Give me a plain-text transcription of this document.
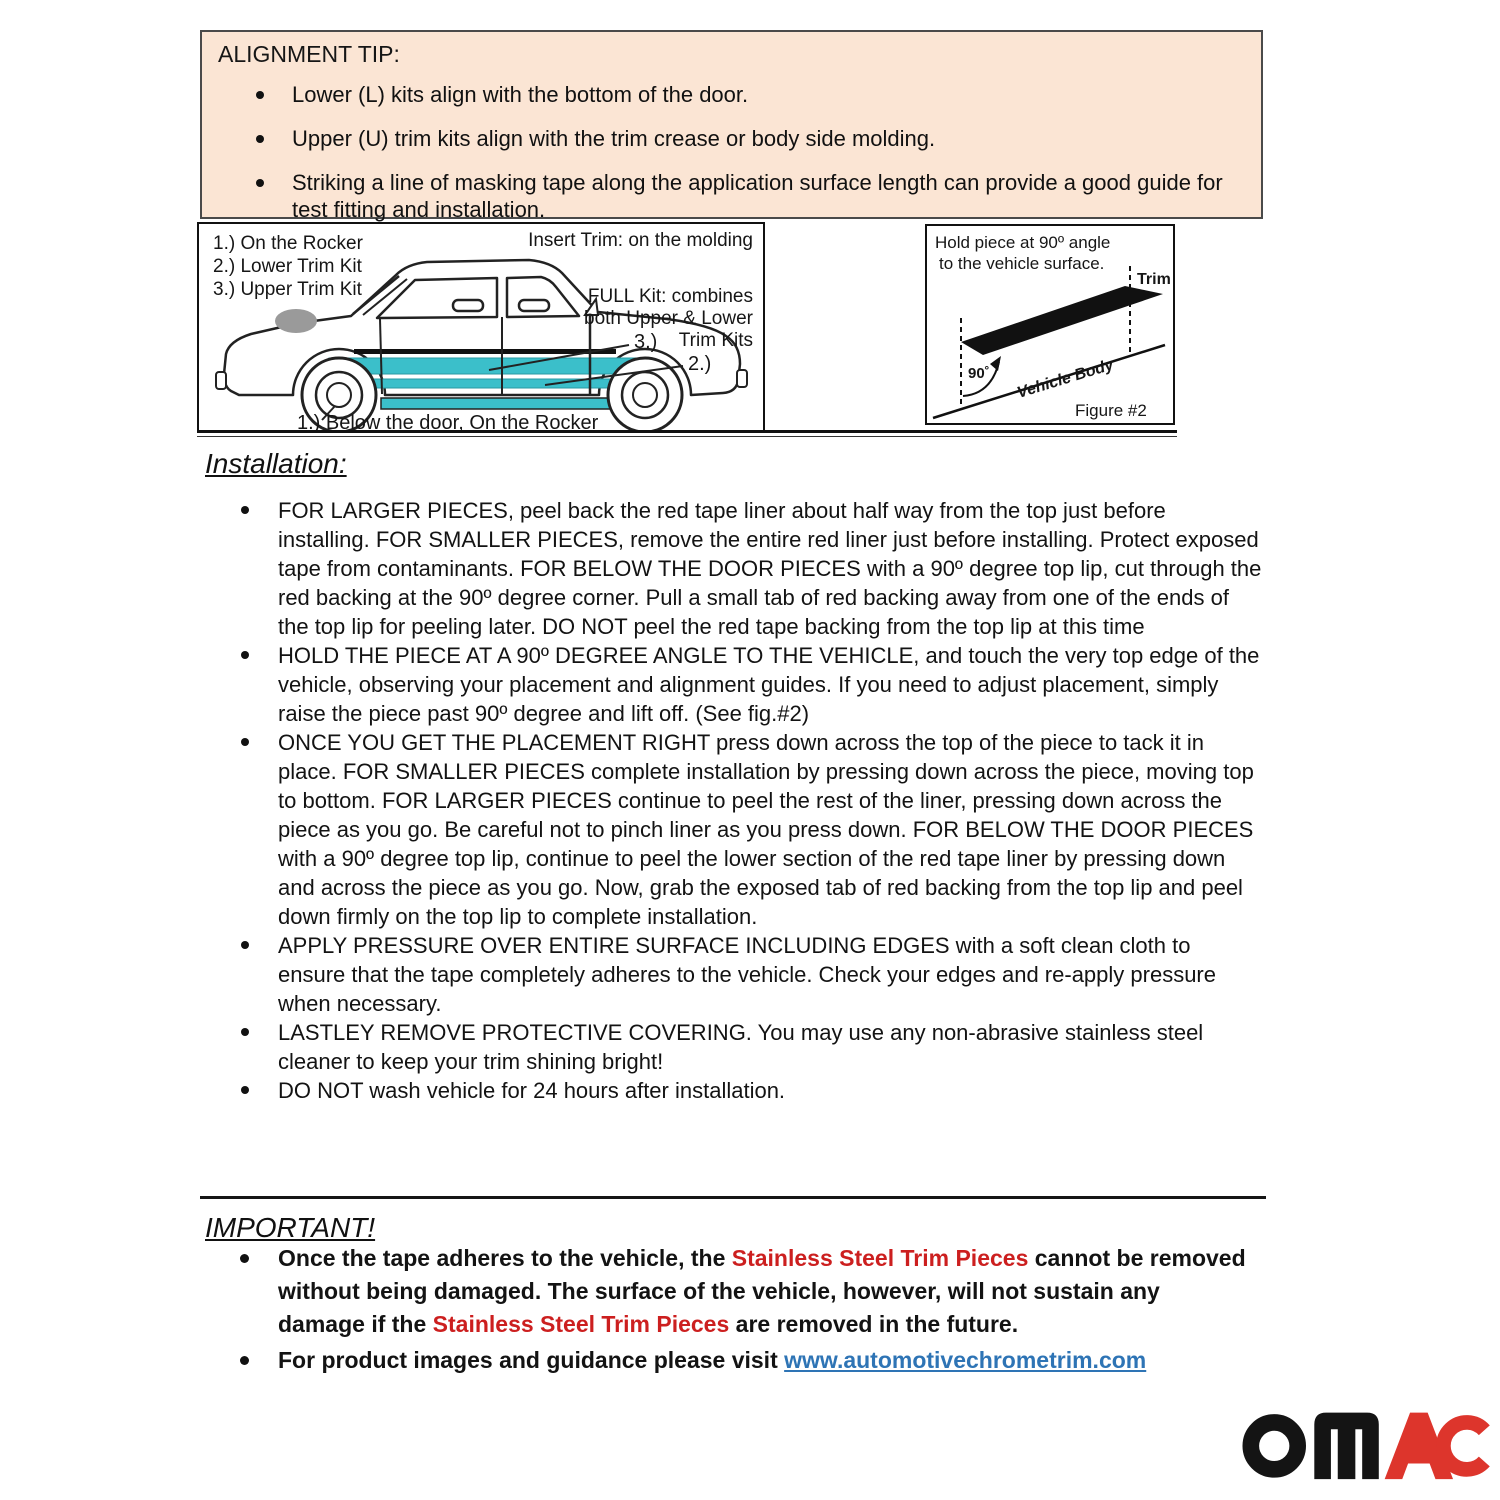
ALIGNMENT TIP:
Lower (L) kits align with the bottom of the door.
Upper (U) trim kits align with the trim crease or body side molding.
Striking a line of masking tape along the application surface length can provide a good guide for test fitting and installation.
1.) On the Rocker
2.) Lower Trim Kit
3.) Upper Trim Kit
Insert Trim: on the molding
FULL Kit: combines
both Upper & Lower
Trim Kits
3.)
2.)
1.) Below the door, On the Rocker
Hold piece at 90º angle
to the vehicle surface.
90˚ Vehicle Body
Trim
Figure #2
Installation:
FOR LARGER PIECES, peel back the red tape liner about half way from the top just before installing. FOR SMALLER PIECES, remove the entire red liner just before installing. Protect exposed tape from contaminants. FOR BELOW THE DOOR PIECES with a 90º degree top lip, cut through the red backing at the 90º degree corner. Pull a small tab of red backing away from one of the ends of the top lip for peeling later. DO NOT peel the red tape backing from the top lip at this time
HOLD THE PIECE AT A 90º DEGREE ANGLE TO THE VEHICLE, and touch the very top edge of the vehicle, observing your placement and alignment guides. If you need to adjust placement, simply raise the piece past 90º degree and lift off. (See fig.#2)
ONCE YOU GET THE PLACEMENT RIGHT press down across the top of the piece to tack it in place. FOR SMALLER PIECES complete installation by pressing down across the piece, moving top to bottom. FOR LARGER PIECES continue to peel the rest of the liner, pressing down across the piece as you go. Be careful not to pinch liner as you press down. FOR BELOW THE DOOR PIECES with a 90º degree top lip, continue to peel the lower section of the red tape liner by pressing down and across the piece as you go. Now, grab the exposed tab of red backing from the top lip and peel down firmly on the top lip to complete installation.
APPLY PRESSURE OVER ENTIRE SURFACE INCLUDING EDGES with a soft clean cloth to ensure that the tape completely adheres to the vehicle. Check your edges and re-apply pressure when necessary.
LASTLEY REMOVE PROTECTIVE COVERING. You may use any non-abrasive stainless steel cleaner to keep your trim shining bright!
DO NOT wash vehicle for 24 hours after installation.
IMPORTANT!
Once the tape adheres to the vehicle, the Stainless Steel Trim Pieces cannot be removed without being damaged. The surface of the vehicle, however, will not sustain any damage if the Stainless Steel Trim Pieces are removed in the future.
For product images and guidance please visit www.automotivechrometrim.com
